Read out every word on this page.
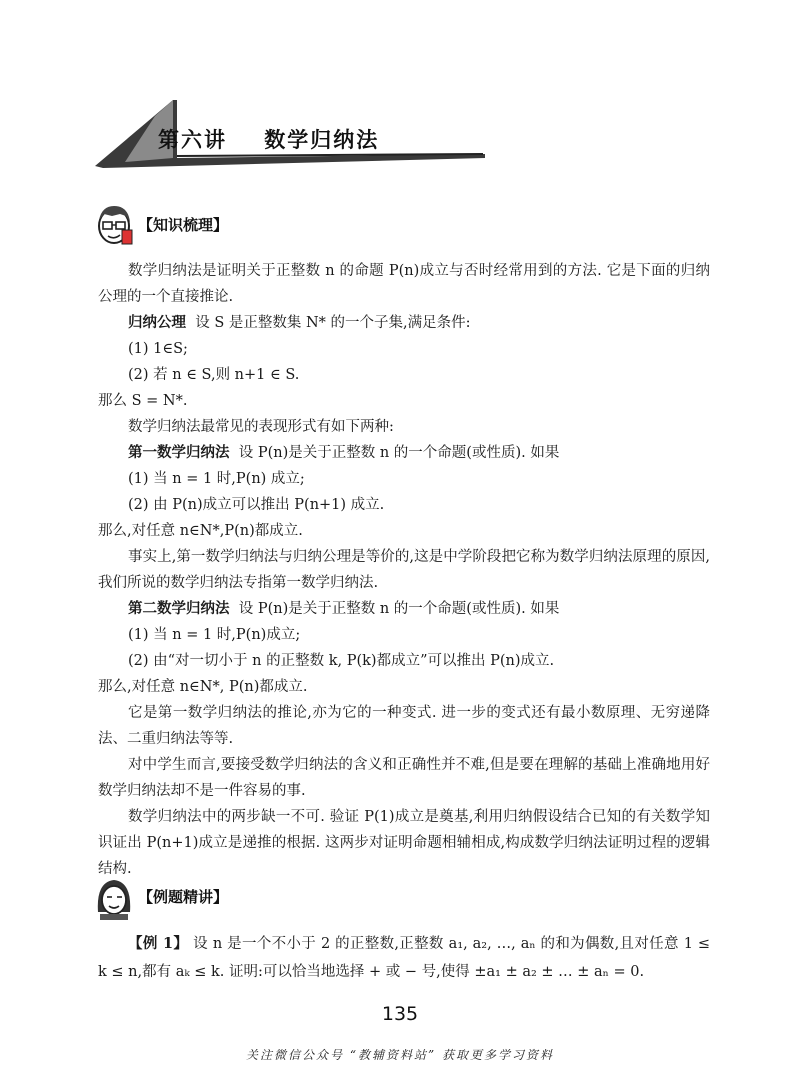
第六讲    数学归纳法
【知识梳理】

数学归纳法是证明关于正整数 n 的命题 P(n)成立与否时经常用到的方法. 它是下面的归纳公理的一个直接推论.

归纳公理 设 S 是正整数集 N* 的一个子集,满足条件:

(1) 1∈S;

(2) 若 n ∈ S,则 n+1 ∈ S.

那么 S = N*.

数学归纳法最常见的表现形式有如下两种:

第一数学归纳法 设 P(n)是关于正整数 n 的一个命题(或性质). 如果

(1) 当 n = 1 时,P(n) 成立;

(2) 由 P(n)成立可以推出 P(n+1) 成立.

那么,对任意 n∈N*,P(n)都成立.

事实上,第一数学归纳法与归纳公理是等价的,这是中学阶段把它称为数学归纳法原理的原因,我们所说的数学归纳法专指第一数学归纳法.

第二数学归纳法 设 P(n)是关于正整数 n 的一个命题(或性质). 如果

(1) 当 n = 1 时,P(n)成立;

(2) 由“对一切小于 n 的正整数 k, P(k)都成立”可以推出 P(n)成立.

那么,对任意 n∈N*, P(n)都成立.

它是第一数学归纳法的推论,亦为它的一种变式. 进一步的变式还有最小数原理、无穷递降法、二重归纳法等等.

对中学生而言,要接受数学归纳法的含义和正确性并不难,但是要在理解的基础上准确地用好数学归纳法却不是一件容易的事.

数学归纳法中的两步缺一不可. 验证 P(1)成立是奠基,利用归纳假设结合已知的有关数学知识证出 P(n+1)成立是递推的根据. 这两步对证明命题相辅相成,构成数学归纳法证明过程的逻辑结构.

【例题精讲】

【例 1】 设 n 是一个不小于 2 的正整数,正整数 a₁, a₂, …, aₙ 的和为偶数,且对任意 1 ≤ k ≤ n,都有 aₖ ≤ k. 证明:可以恰当地选择 + 或 − 号,使得 ±a₁ ± a₂ ± … ± aₙ = 0.

135
关注微信公众号 “教辅资料站” 获取更多学习资料
